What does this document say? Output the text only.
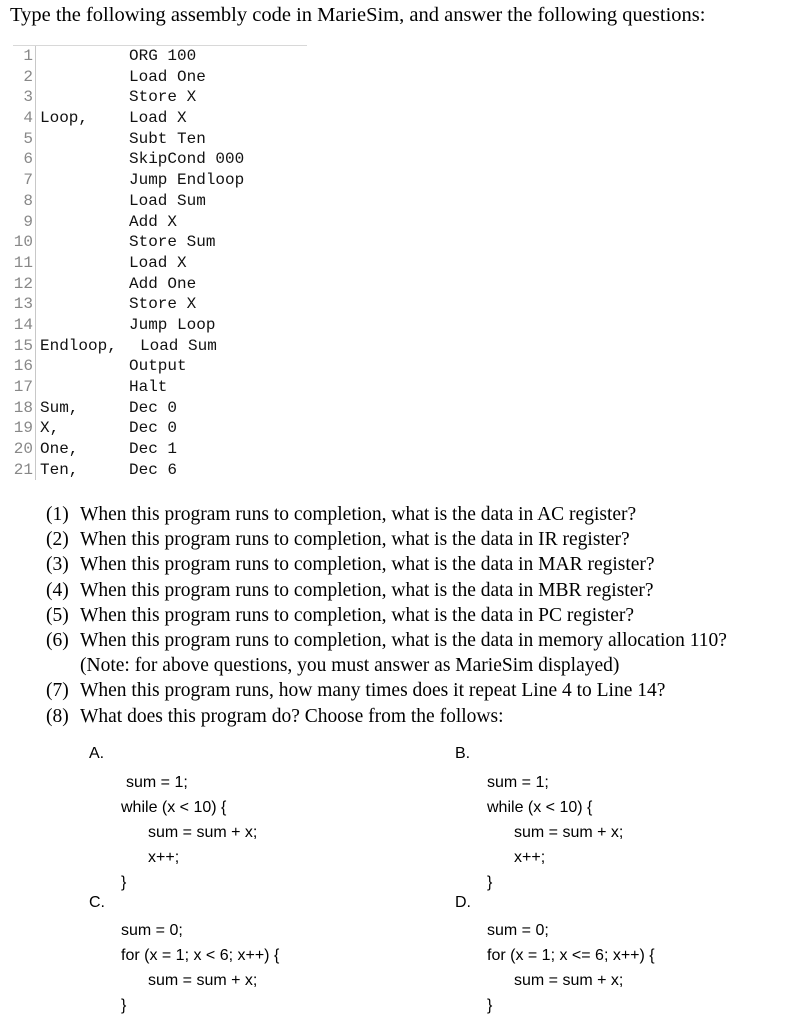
Type the following assembly code in MarieSim, and answer the following questions:
1	ORG 100
2	Load One
3	Store X
4 Loop,	Load X
5	Subt Ten
6	SkipCond 000
7	Jump Endloop
8	Load Sum
9	Add X
10	Store Sum
11	Load X
12	Add One
13	Store X
14	Jump Loop
15 Endloop, Load Sum
16	Output
17	Halt
18 Sum,	Dec 0
19 X,	Dec 0
20 One,	Dec 1
21 Ten,	Dec 6
(1) When this program runs to completion, what is the data in AC register?
(2) When this program runs to completion, what is the data in IR register?
(3) When this program runs to completion, what is the data in MAR register?
(4) When this program runs to completion, what is the data in MBR register?
(5) When this program runs to completion, what is the data in PC register?
(6) When this program runs to completion, what is the data in memory allocation 110?
(Note: for above questions, you must answer as MarieSim displayed)
(7) When this program runs, how many times does it repeat Line 4 to Line 14?
(8) What does this program do? Choose from the follows:
A.
sum = 1;
while (x < 10) {
sum = sum + x;
x++;
}
B.
sum = 1;
while (x < 10) {
sum = sum + x;
x++;
}
C.
sum = 0;
for (x = 1; x < 6; x++) {
sum = sum + x;
}
D.
sum = 0;
for (x = 1; x <= 6; x++) {
sum = sum + x;
}
